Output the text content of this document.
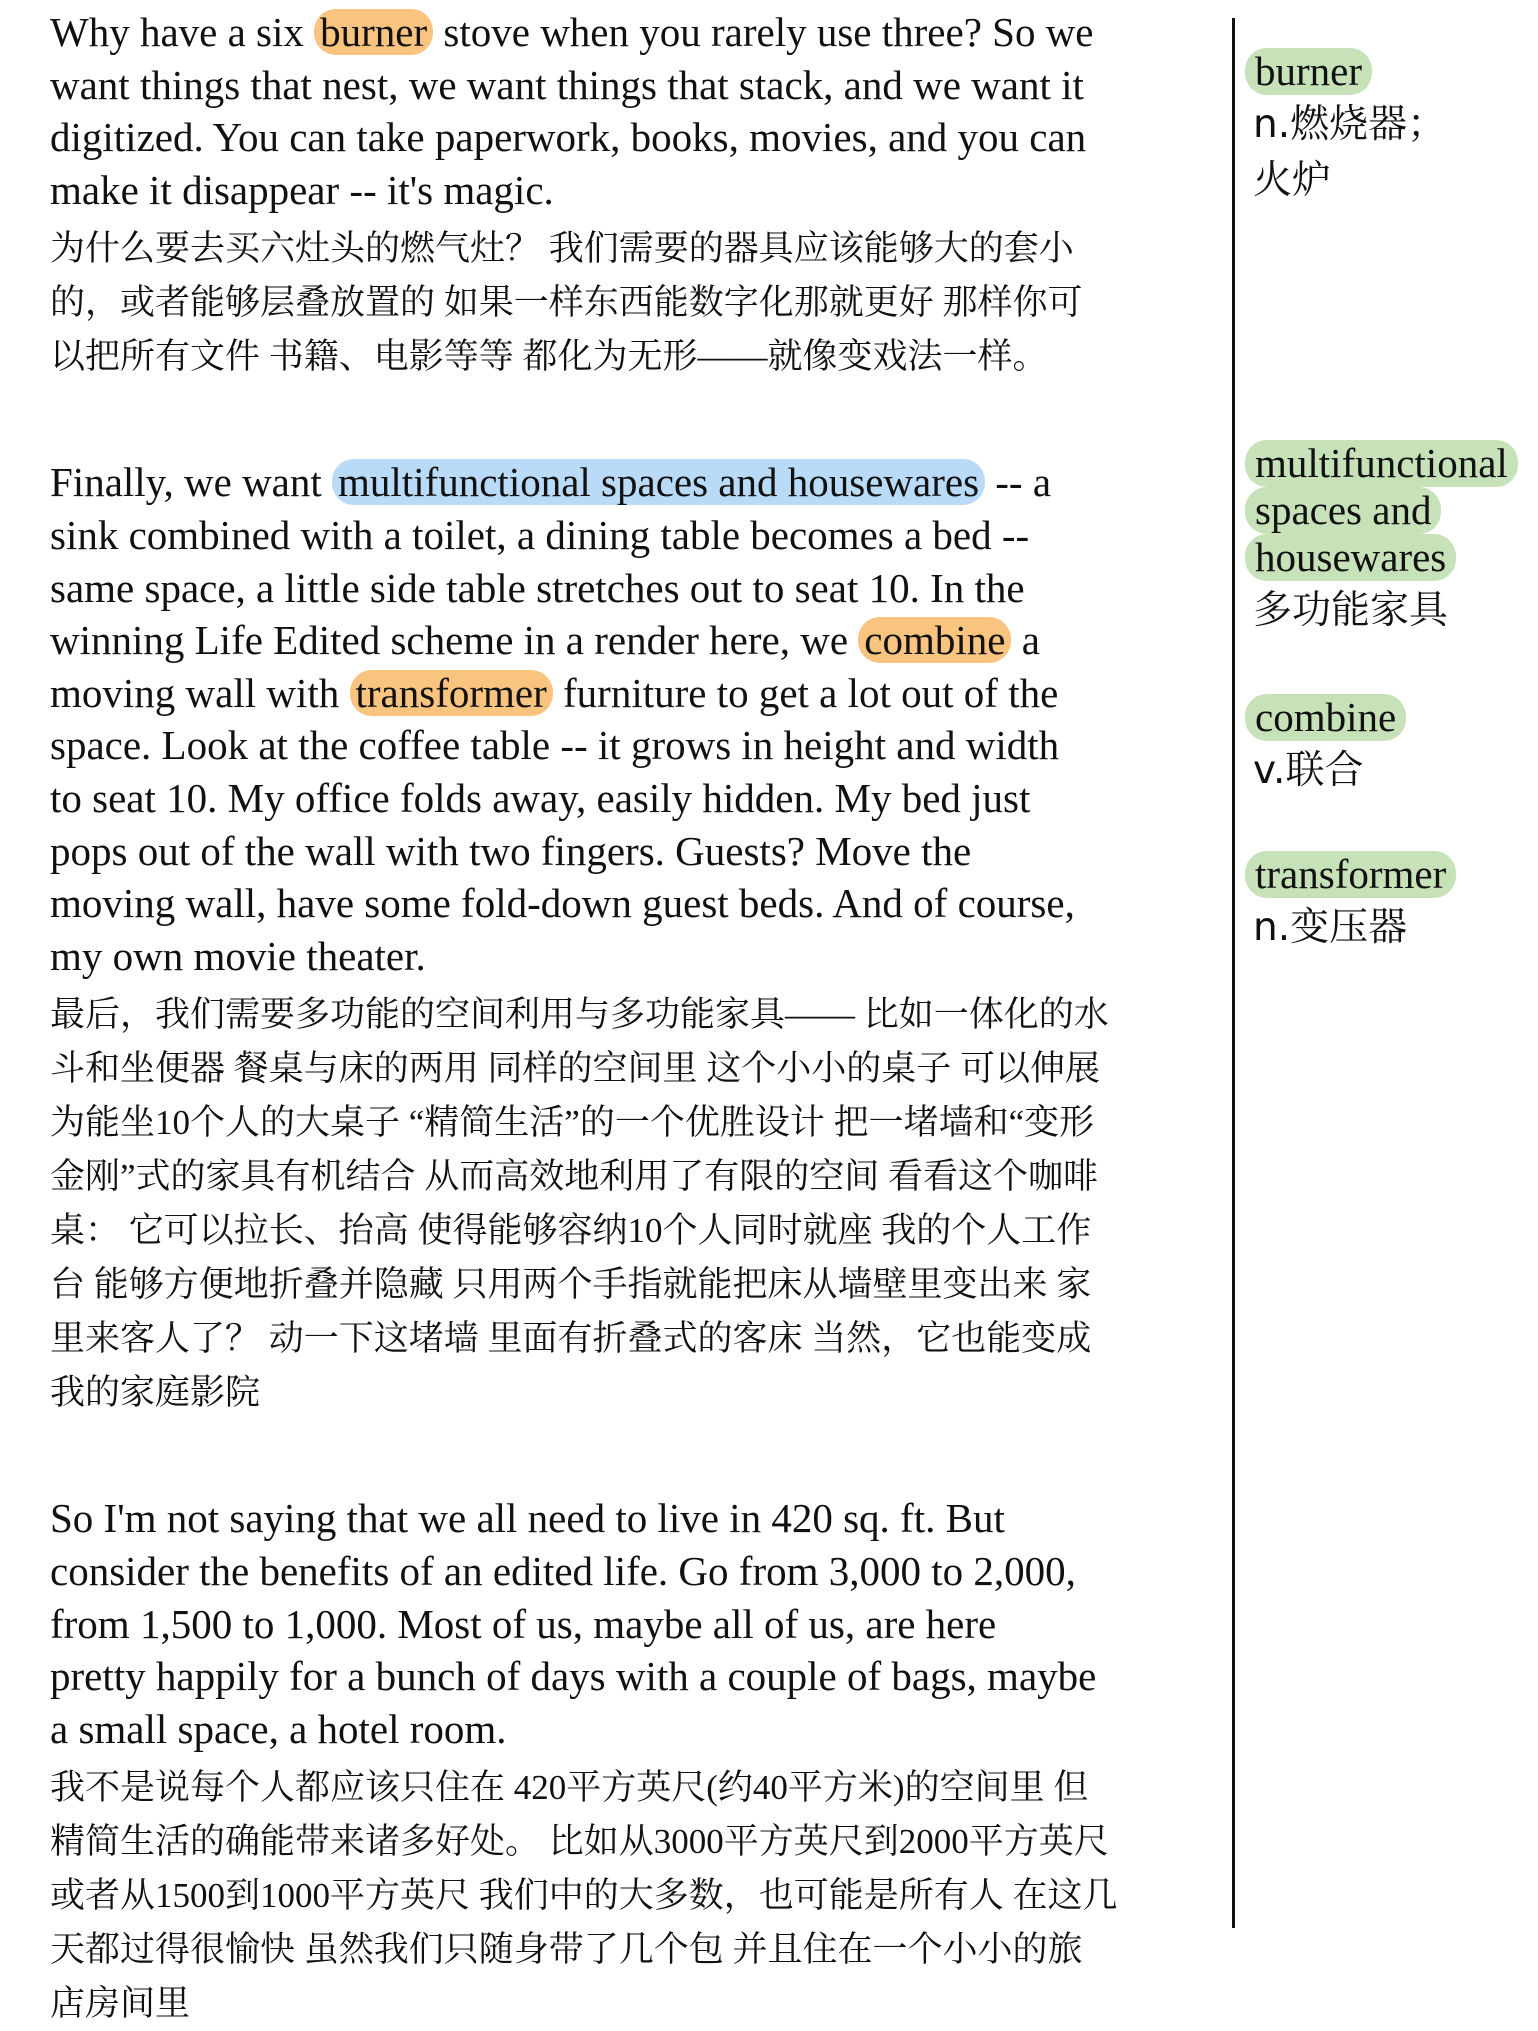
Why have a six burner stove when you rarely use three? So we

want things that nest, we want things that stack, and we want it

digitized. You can take paperwork, books, movies, and you can

make it disappear -- it's magic.

为什么要去买六灶头的燃气灶？ 我们需要的器具应该能够大的套小
的，或者能够层叠放置的 如果一样东西能数字化那就更好 那样你可
以把所有文件 书籍、电影等等 都化为无形——就像变戏法一样。

Finally, we want multifunctional spaces and housewares -- a

sink combined with a toilet, a dining table becomes a bed --

same space, a little side table stretches out to seat 10. In the

winning Life Edited scheme in a render here, we combine a

moving wall with transformer furniture to get a lot out of the

space. Look at the coffee table -- it grows in height and width

to seat 10. My office folds away, easily hidden. My bed just

pops out of the wall with two fingers. Guests? Move the

moving wall, have some fold-down guest beds. And of course,

my own movie theater.

最后，我们需要多功能的空间利用与多功能家具—— 比如一体化的水
斗和坐便器 餐桌与床的两用 同样的空间里 这个小小的桌子 可以伸展
为能坐10个人的大桌子 “精简生活”的一个优胜设计 把一堵墙和“变形
金刚”式的家具有机结合 从而高效地利用了有限的空间 看看这个咖啡
桌： 它可以拉长、抬高 使得能够容纳10个人同时就座 我的个人工作
台 能够方便地折叠并隐藏 只用两个手指就能把床从墙壁里变出来 家
里来客人了？ 动一下这堵墙 里面有折叠式的客床 当然，它也能变成
我的家庭影院

So I'm not saying that we all need to live in 420 sq. ft. But

consider the benefits of an edited life. Go from 3,000 to 2,000,

from 1,500 to 1,000. Most of us, maybe all of us, are here

pretty happily for a bunch of days with a couple of bags, maybe

a small space, a hotel room.

我不是说每个人都应该只住在 420平方英尺(约40平方米)的空间里 但
精简生活的确能带来诸多好处。 比如从3000平方英尺到2000平方英尺
或者从1500到1000平方英尺 我们中的大多数，也可能是所有人 在这几
天都过得很愉快 虽然我们只随身带了几个包 并且住在一个小小的旅
店房间里
burner
n.燃烧器；
火炉
multifunctional
spaces and
housewares
多功能家具
combine
v.联合
transformer
n.变压器
